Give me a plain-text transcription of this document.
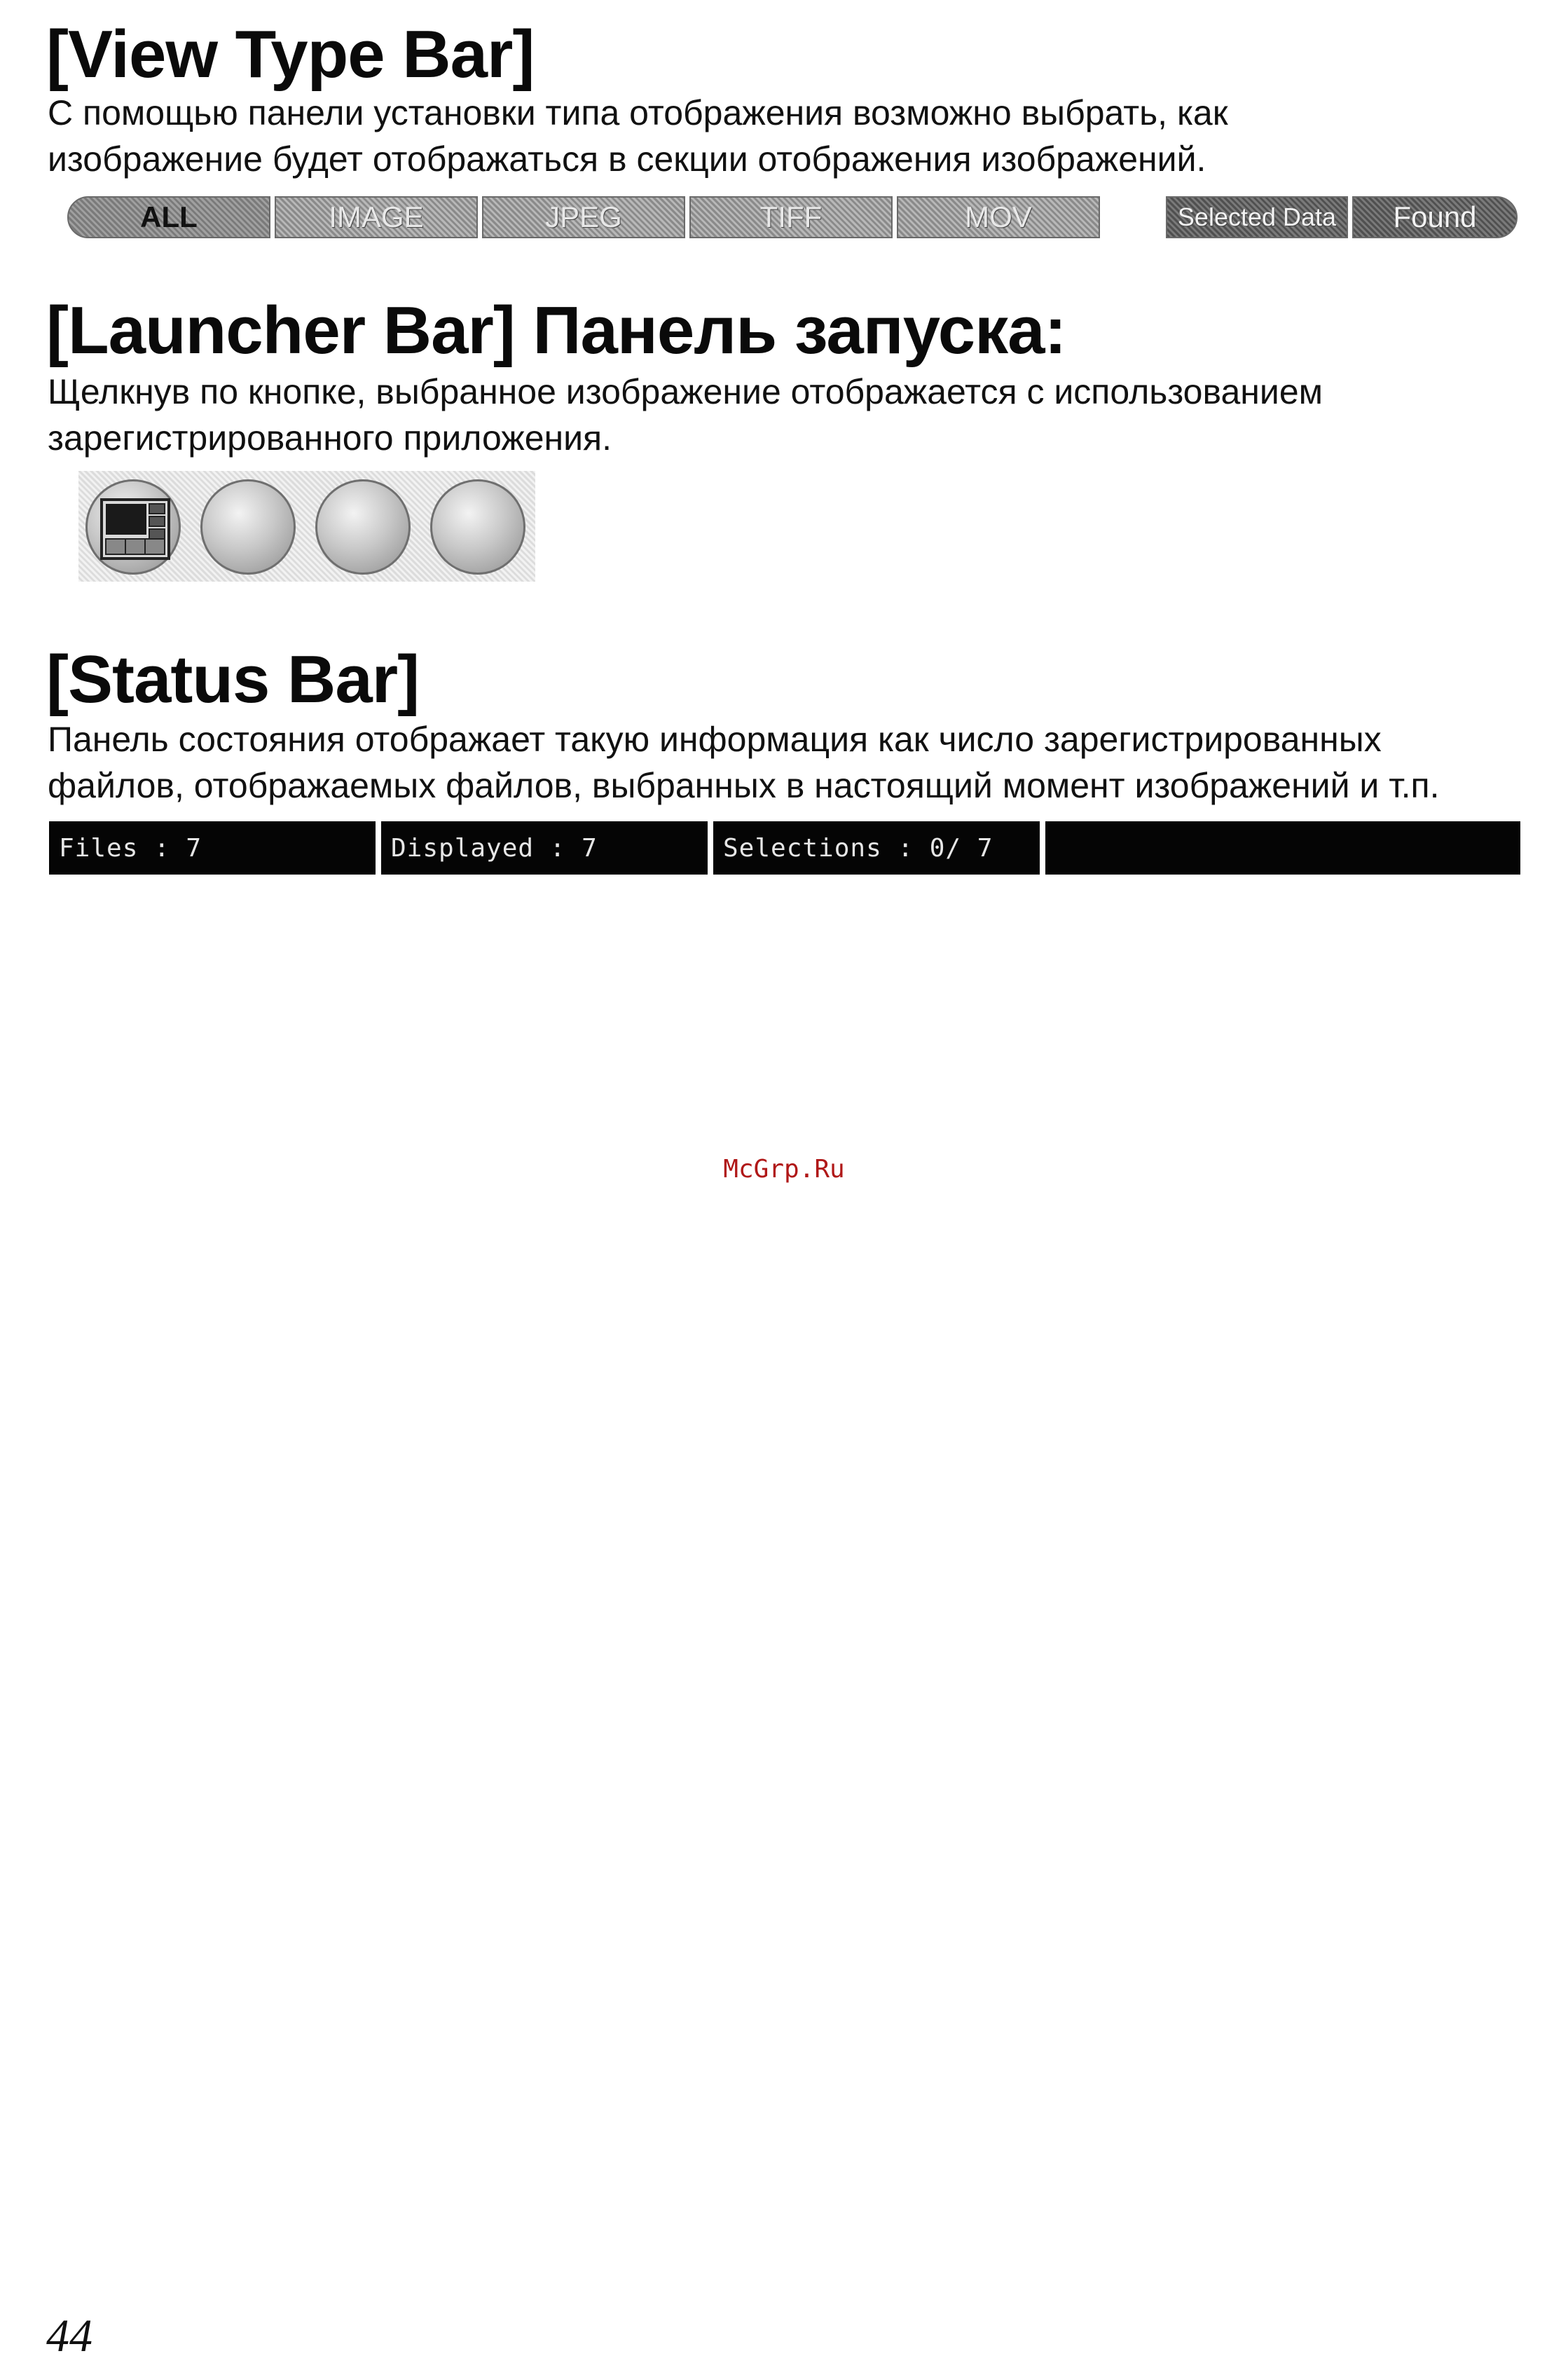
[View Type Bar]

С помощью панели установки типа отображения возможно выбрать, как
изображение будет отображаться в секции отображения изображений.

ALL	IMAGE	JPEG	TIFF	MOV	Selected Data	Found
[Launcher Bar] Панель запуска:

Щелкнув по кнопке, выбранное изображение отображается с использованием
зарегистрированного приложения.

[Status Bar]

Панель состояния отображает такую информация как число зарегистрированных
файлов, отображаемых файлов, выбранных в настоящий момент изображений и т.п.

Files : 7	Displayed : 7	Selections : 0/ 7
McGrp.Ru
44
